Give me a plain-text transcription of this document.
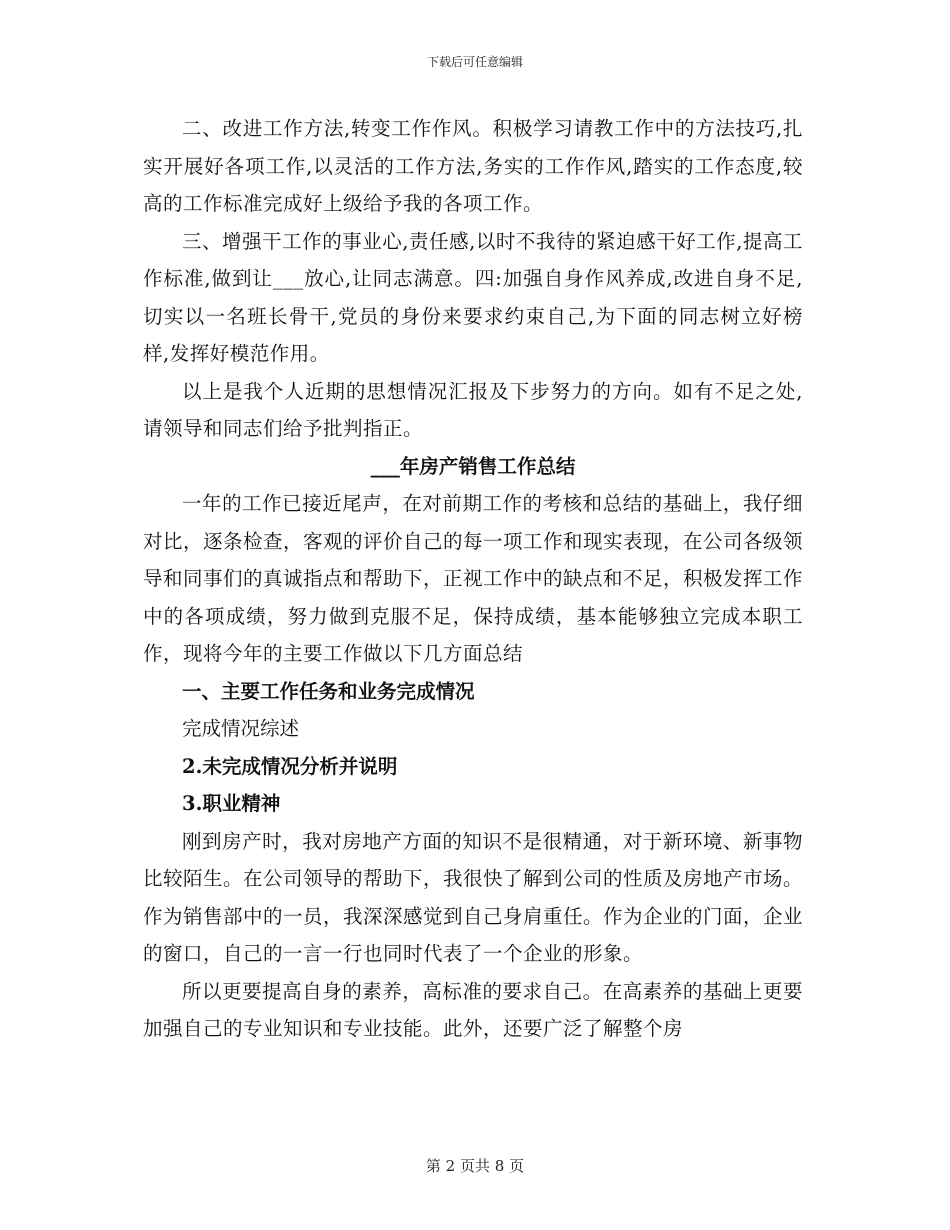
下载后可任意编辑

二、改进工作方法,转变工作作风。积极学习请教工作中的方法技巧,扎实开展好各项工作,以灵活的工作方法,务实的工作作风,踏实的工作态度,较高的工作标准完成好上级给予我的各项工作。

三、增强干工作的事业心,责任感,以时不我待的紧迫感干好工作,提高工作标准,做到让___放心,让同志满意。四:加强自身作风养成,改进自身不足,切实以一名班长骨干,党员的身份来要求约束自己,为下面的同志树立好榜样,发挥好模范作用。

以上是我个人近期的思想情况汇报及下步努力的方向。如有不足之处,请领导和同志们给予批判指正。

___年房产销售工作总结

一年的工作已接近尾声，在对前期工作的考核和总结的基础上，我仔细对比，逐条检查，客观的评价自己的每一项工作和现实表现，在公司各级领导和同事们的真诚指点和帮助下，正视工作中的缺点和不足，积极发挥工作中的各项成绩，努力做到克服不足，保持成绩，基本能够独立完成本职工作，现将今年的主要工作做以下几方面总结

一、主要工作任务和业务完成情况

完成情况综述

2.未完成情况分析并说明

3.职业精神

刚到房产时，我对房地产方面的知识不是很精通，对于新环境、新事物比较陌生。在公司领导的帮助下，我很快了解到公司的性质及房地产市场。作为销售部中的一员，我深深感觉到自己身肩重任。作为企业的门面，企业的窗口，自己的一言一行也同时代表了一个企业的形象。

所以更要提高自身的素养，高标准的要求自己。在高素养的基础上更要加强自己的专业知识和专业技能。此外，还要广泛了解整个房

第 2 页共 8 页
